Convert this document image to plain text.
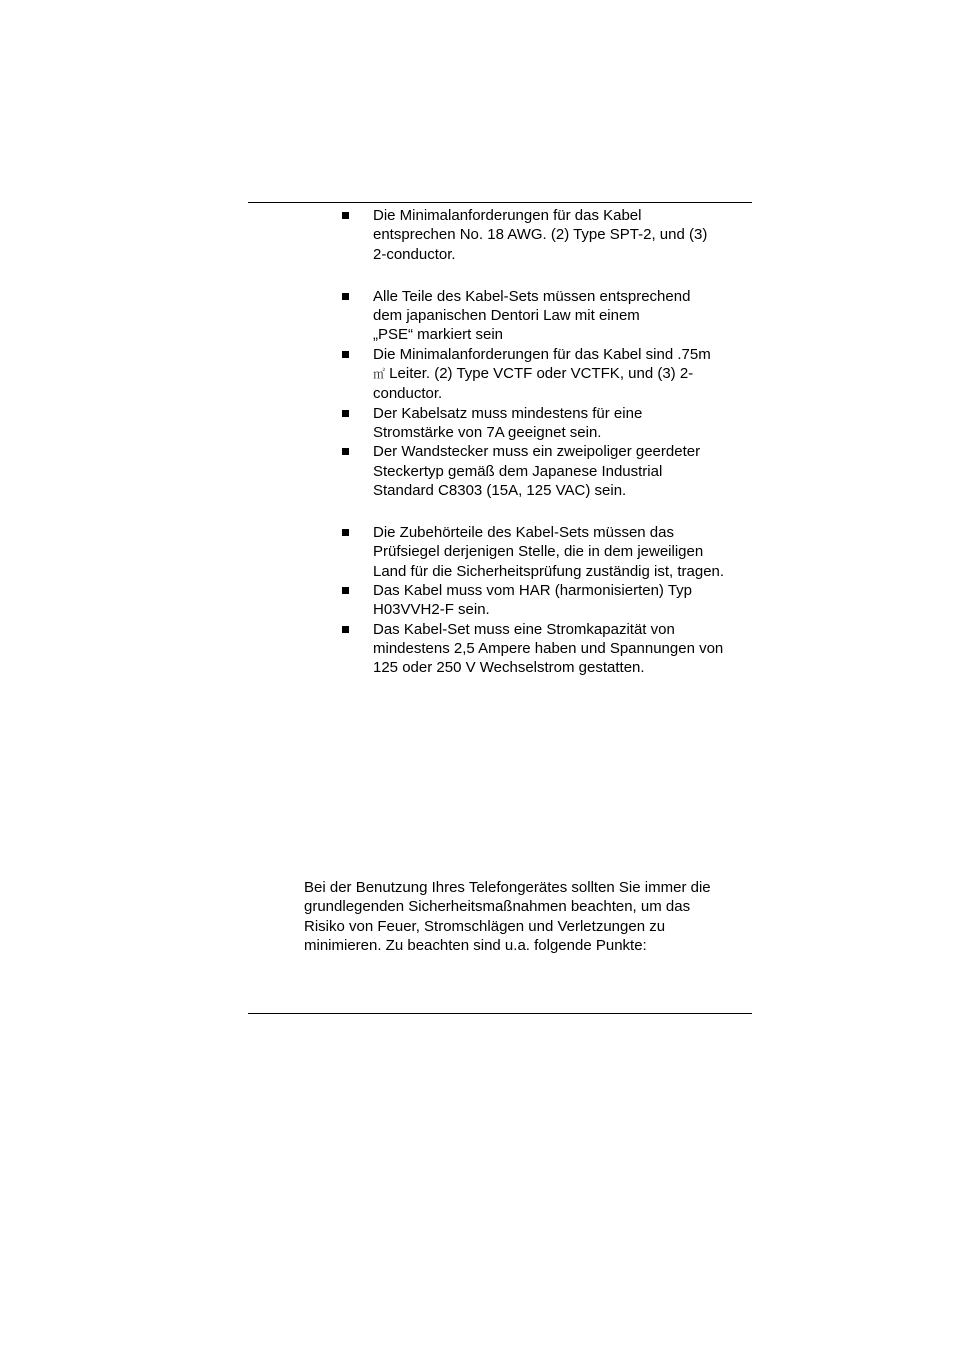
Die Minimalanforderungen für das Kabel
entsprechen No. 18 AWG. (2) Type SPT-2, und (3)
2-conductor.
Alle Teile des Kabel-Sets müssen entsprechend
dem japanischen Dentori Law mit einem
„PSE“ markiert sein
Die Minimalanforderungen für das Kabel sind .75m
㎡ Leiter. (2) Type VCTF oder VCTFK, und (3) 2-
conductor.
Der Kabelsatz muss mindestens für eine
Stromstärke von 7A geeignet sein.
Der Wandstecker muss ein zweipoliger geerdeter
Steckertyp gemäß dem Japanese Industrial
Standard C8303 (15A, 125 VAC) sein.
Die Zubehörteile des Kabel-Sets müssen das
Prüfsiegel derjenigen Stelle, die in dem jeweiligen
Land für die Sicherheitsprüfung zuständig ist, tragen.
Das Kabel muss vom HAR (harmonisierten) Typ
H03VVH2-F sein.
Das Kabel-Set muss eine Stromkapazität von
mindestens 2,5 Ampere haben und Spannungen von
125 oder 250 V Wechselstrom gestatten.

Bei der Benutzung Ihres Telefongerätes sollten Sie immer die
grundlegenden Sicherheitsmaßnahmen beachten, um das
Risiko von Feuer, Stromschlägen und Verletzungen zu
minimieren. Zu beachten sind u.a. folgende Punkte:
